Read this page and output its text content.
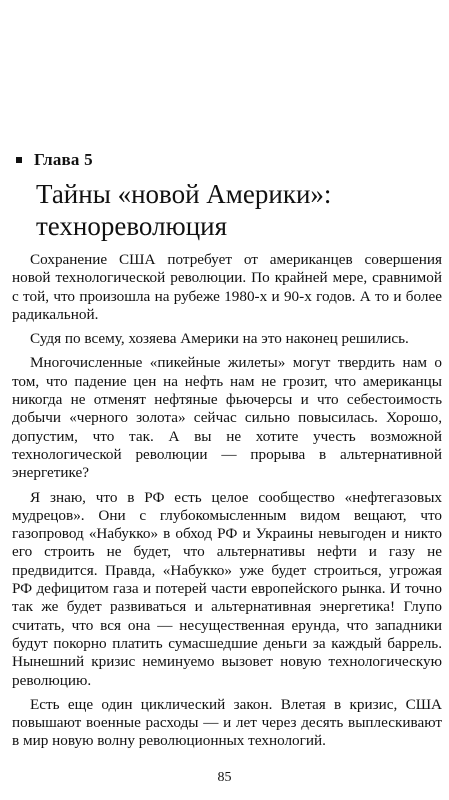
Глава 5
Тайны «новой Америки»: технореволюция

Сохранение США потребует от американцев совершения новой технологической революции. По крайней мере, сравнимой с той, что произошла на рубеже 1980-х и 90-х годов. А то и более радикальной.

Судя по всему, хозяева Америки на это наконец решились.

Многочисленные «пикейные жилеты» могут твердить нам о том, что падение цен на нефть нам не грозит, что американцы никогда не отменят нефтяные фьючерсы и что себестоимость добычи «черного золота» сейчас сильно повысилась. Хорошо, допустим, что так. А вы не хотите учесть возможной технологической революции — прорыва в альтернативной энергетике?

Я знаю, что в РФ есть целое сообщество «нефтегазовых мудрецов». Они с глубокомысленным видом вещают, что газопровод «Набукко» в обход РФ и Украины невыгоден и никто его строить не будет, что альтернативы нефти и газу не предвидится. Правда, «Набукко» уже будет строиться, угрожая РФ дефицитом газа и потерей части европейского рынка. И точно так же будет развиваться и альтернативная энергетика! Глупо считать, что вся она — несущественная ерунда, что западники будут покорно платить сумасшедшие деньги за каждый баррель. Нынешний кризис неминуемо вызовет новую технологическую революцию.

Есть еще один циклический закон. Влетая в кризис, США повышают военные расходы — и лет через десять выплескивают в мир новую волну революционных технологий.

85
